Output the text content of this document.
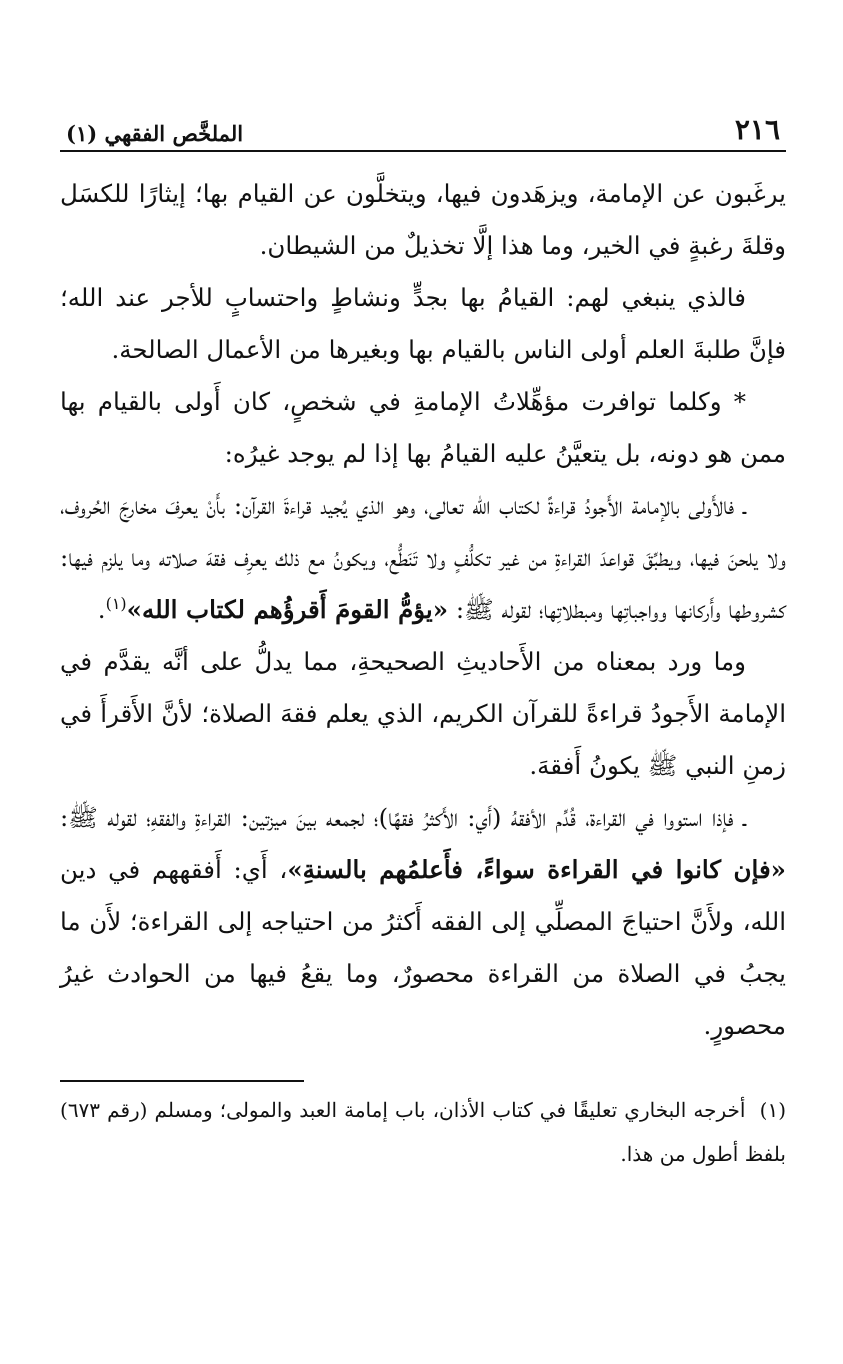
٢١٦
الملخَّص الفقهي (١)

يرغَبون عن الإمامة، ويزهَدون فيها، ويتخلَّون عن القيام بها؛ إيثارًا للكسَل وقلةَ رغبةٍ في الخير، وما هذا إلَّا تخذيلٌ من الشيطان.

فالذي ينبغي لهم: القيامُ بها بجدٍّ ونشاطٍ واحتسابٍ للأجر عند الله؛ فإنَّ طلبةَ العلم أولى الناس بالقيام بها وبغيرها من الأعمال الصالحة.

* وكلما توافرت مؤهِّلاتُ الإمامةِ في شخصٍ، كان أَولى بالقيام بها ممن هو دونه، بل يتعيَّنُ عليه القيامُ بها إذا لم يوجد غيرُه:

ـ فالأَولى بالإمامة الأَجودُ قراءةً لكتاب الله تعالى، وهو الذي يُجيد قراءةَ القرآن: بأَنْ يعرفَ مخارجَ الحُروف، ولا يلحنَ فيها، ويطبِّقَ قواعدَ القراءةِ من غير تكلُّفٍ ولا تَنَطُّع، ويكونُ مع ذلك يعرِف فقهَ صلاته وما يلزم فيها: كشروطها وأَركانها وواجباتِها ومبطلاتِها؛ لقوله ﷺ: «يؤمُّ القومَ أَقرؤُهم لكتاب الله»$^{(١)}$.

وما ورد بمعناه من الأَحاديثِ الصحيحةِ، مما يدلُّ على أنَّه يقدَّم في الإمامة الأَجودُ قراءةً للقرآن الكريم، الذي يعلم فقهَ الصلاة؛ لأنَّ الأَقرأَ في زمنِ النبي ﷺ يكونُ أَفقهَ.

ـ فإذا استووا في القراءة، قُدِّم الأفقهُ (أَي: الأَكثرُ فقهًا)؛ لجمعه بينَ ميزتين: القراءةِ والفقهِ؛ لقوله ﷺ: «فإن كانوا في القراءة سواءً، فأَعلمُهم بالسنةِ»، أَي: أَفقههم في دين الله، ولأَنَّ احتياجَ المصلِّي إلى الفقه أَكثرُ من احتياجه إلى القراءة؛ لأَن ما يجبُ في الصلاة من القراءة محصورٌ، وما يقعُ فيها من الحوادث غيرُ محصورٍ.

(١)  أخرجه البخاري تعليقًا في كتاب الأذان، باب إمامة العبد والمولى؛ ومسلم (رقم ٦٧٣) بلفظ أطول من هذا.
